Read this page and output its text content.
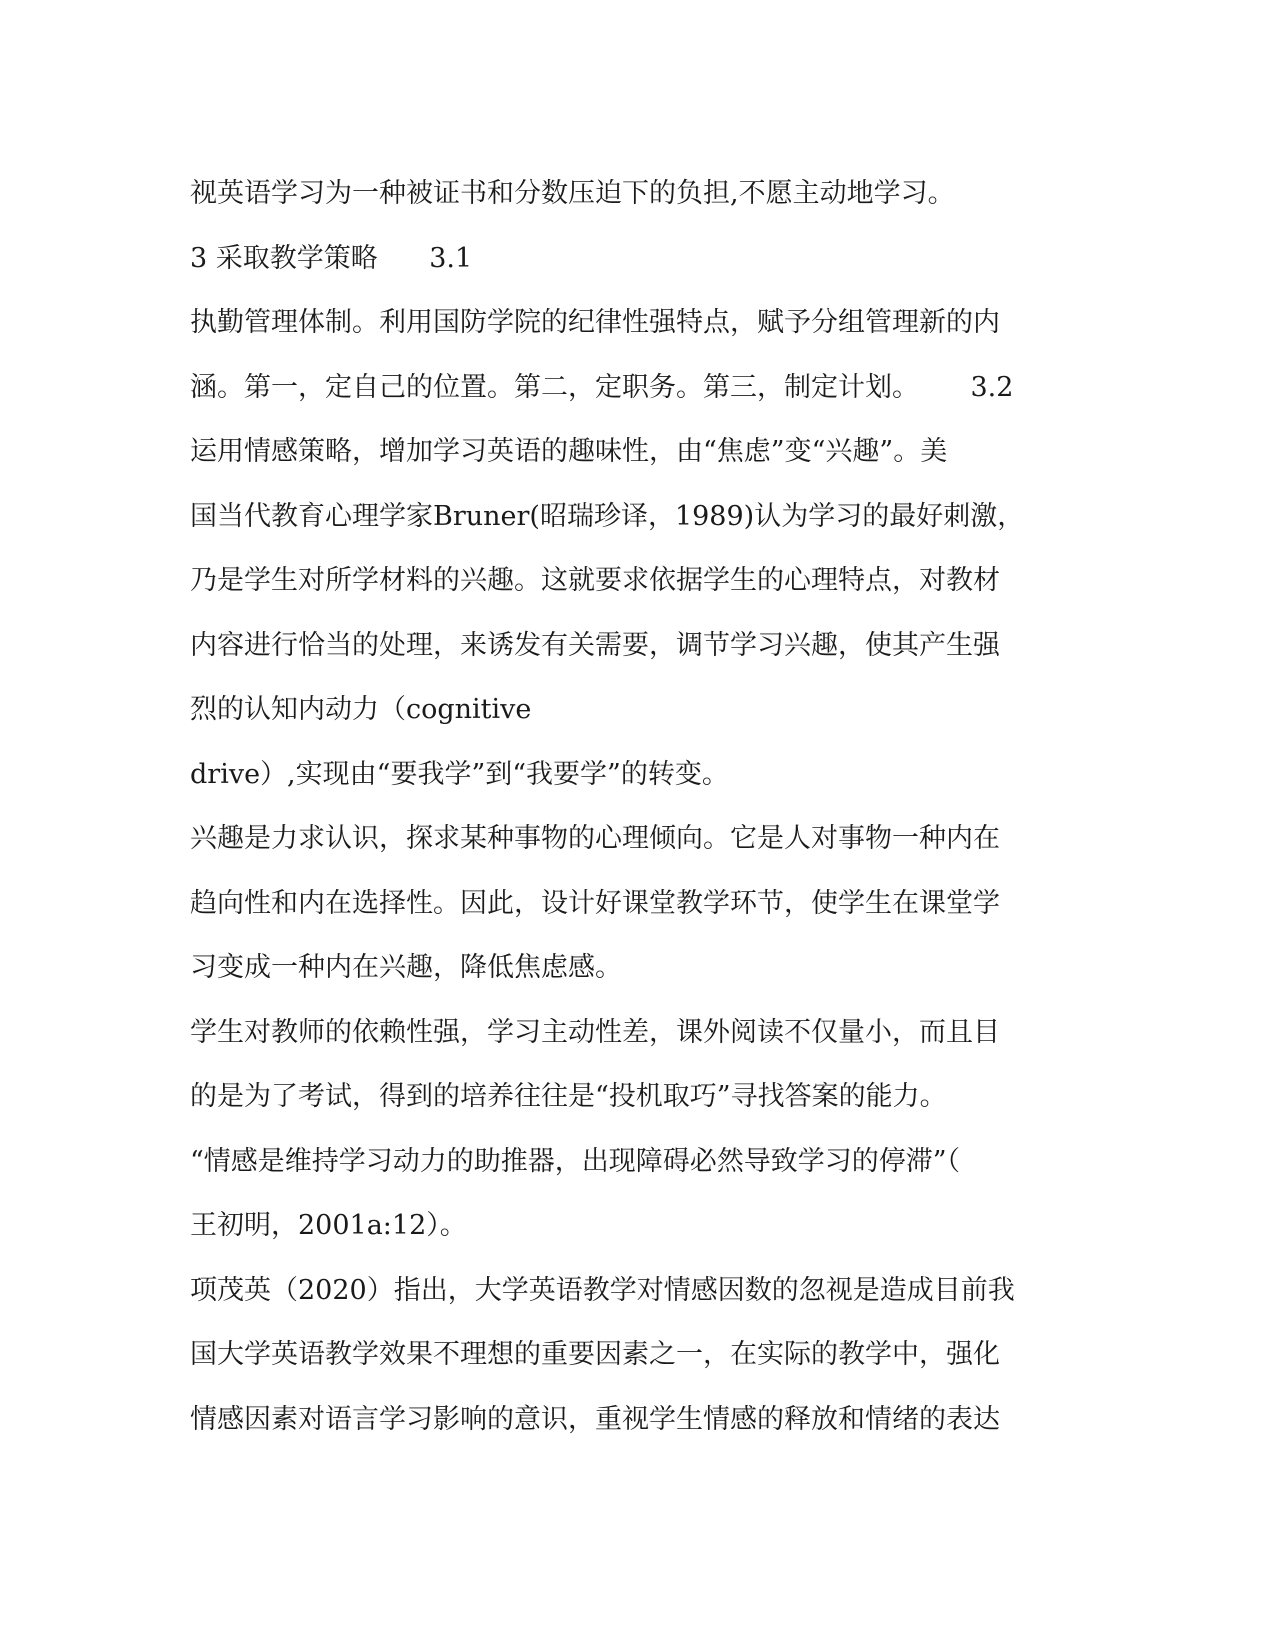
视英语学习为一种被证书和分数压迫下的负担,不愿主动地学习。
3 采取教学策略      3.1
执勤管理体制。利用国防学院的纪律性强特点，赋予分组管理新的内
涵。第一，定自己的位置。第二，定职务。第三，制定计划。      3.2
运用情感策略，增加学习英语的趣味性，由“焦虑”变“兴趣”。美
国当代教育心理学家Bruner(昭瑞珍译，1989)认为学习的最好刺激，
乃是学生对所学材料的兴趣。这就要求依据学生的心理特点，对教材
内容进行恰当的处理，来诱发有关需要，调节学习兴趣，使其产生强
烈的认知内动力（cognitive
drive）,实现由“要我学”到“我要学”的转变。
兴趣是力求认识，探求某种事物的心理倾向。它是人对事物一种内在
趋向性和内在选择性。因此，设计好课堂教学环节，使学生在课堂学
习变成一种内在兴趣，降低焦虑感。
学生对教师的依赖性强，学习主动性差，课外阅读不仅量小，而且目
的是为了考试，得到的培养往往是“投机取巧”寻找答案的能力。
“情感是维持学习动力的助推器，出现障碍必然导致学习的停滞”（
王初明，2001a:12）。
项茂英（2020）指出，大学英语教学对情感因数的忽视是造成目前我
国大学英语教学效果不理想的重要因素之一，在实际的教学中，强化
情感因素对语言学习影响的意识，重视学生情感的释放和情绪的表达
